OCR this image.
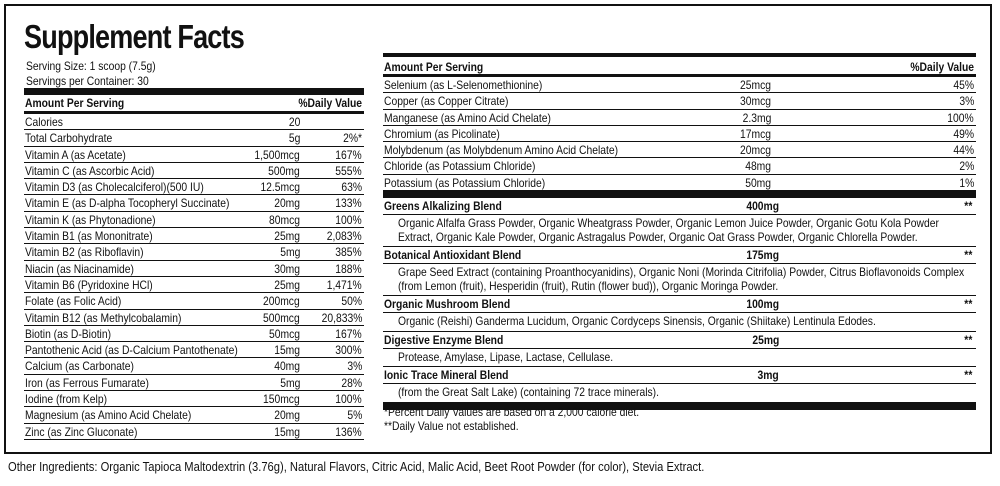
Supplement Facts
Serving Size: 1 scoop (7.5g)
Servings per Container: 30
Amount Per Serving	%Daily Value
Calories	20
Total Carbohydrate	5g	2%*
Vitamin A (as Acetate)	1,500mcg	167%
Vitamin C (as Ascorbic Acid)	500mg	555%
Vitamin D3 (as Cholecalciferol)(500 IU)	12.5mcg	63%
Vitamin E (as D-alpha Tocopheryl Succinate)	20mg	133%
Vitamin K (as Phytonadione)	80mcg	100%
Vitamin B1 (as Mononitrate)	25mg 2,083%
Vitamin B2 (as Riboflavin)	5mg	385%
Niacin (as Niacinamide)	30mg	188%
Vitamin B6 (Pyridoxine HCl)	25mg 1,471%
Folate (as Folic Acid)	200mcg	50%
Vitamin B12 (as Methylcobalamin)	500mcg 20,833%
Biotin (as D-Biotin)	50mcg	167%
Pantothenic Acid (as D-Calcium Pantothenate)	15mg	300%
Calcium (as Carbonate)	40mg	3%
Iron (as Ferrous Fumarate)	5mg	28%
Iodine (from Kelp)	150mcg	100%
Magnesium (as Amino Acid Chelate)	20mg	5%
Zinc (as Zinc Gluconate)	15mg	136%
Amount Per Serving	%Daily Value
Selenium (as L-Selenomethionine)	25mcg	45%
Copper (as Copper Citrate)	30mcg	3%
Manganese (as Amino Acid Chelate)	2.3mg	100%
Chromium (as Picolinate)	17mcg	49%
Molybdenum (as Molybdenum Amino Acid Chelate)	20mcg	44%
Chloride (as Potassium Chloride)	48mg	2%
Potassium (as Potassium Chloride)	50mg	1%
Greens Alkalizing Blend	400mg	**
Organic Alfalfa Grass Powder, Organic Wheatgrass Powder, Organic Lemon Juice Powder, Organic Gotu Kola Powder Extract, Organic Kale Powder, Organic Astragalus Powder, Organic Oat Grass Powder, Organic Chlorella Powder.
Botanical Antioxidant Blend	175mg	**
Grape Seed Extract (containing Proanthocyanidins), Organic Noni (Morinda Citrifolia) Powder, Citrus Bioflavonoids Complex (from Lemon (fruit), Hesperidin (fruit), Rutin (flower bud)), Organic Moringa Powder.
Organic Mushroom Blend	100mg	**
Organic (Reishi) Ganderma Lucidum, Organic Cordyceps Sinensis, Organic (Shiitake) Lentinula Edodes.
Digestive Enzyme Blend	25mg	**
Protease, Amylase, Lipase, Lactase, Cellulase.
Ionic Trace Mineral Blend	3mg	**
(from the Great Salt Lake) (containing 72 trace minerals).
*Percent Daily Values are based on a 2,000 calorie diet.
**Daily Value not established.
Other Ingredients: Organic Tapioca Maltodextrin (3.76g), Natural Flavors, Citric Acid, Malic Acid, Beet Root Powder (for color), Stevia Extract.
